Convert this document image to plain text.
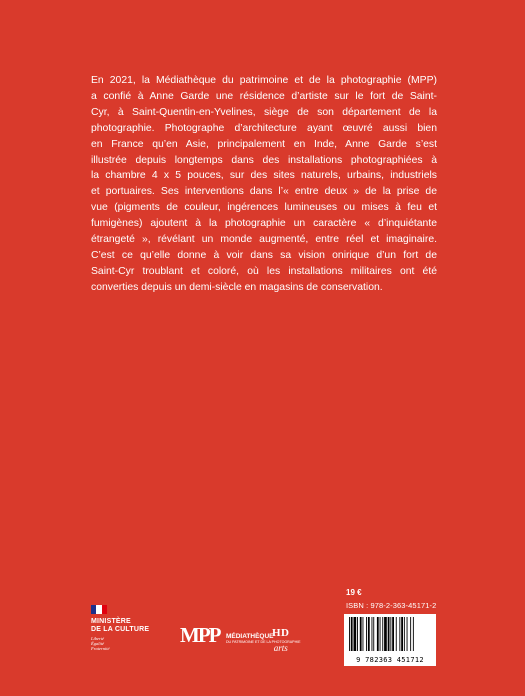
En 2021, la Médiathèque du patrimoine et de la photographie (MPP)
a confié à Anne Garde une résidence d’artiste sur le fort de Saint-
Cyr, à Saint-Quentin-en-Yvelines, siège de son département de la
photographie. Photographe d’architecture ayant œuvré aussi bien
en France qu’en Asie, principalement en Inde, Anne Garde s’est
illustrée depuis longtemps dans des installations photographiées à
la chambre 4 x 5 pouces, sur des sites naturels, urbains, industriels
et portuaires. Ses interventions dans l’« entre deux » de la prise de
vue (pigments de couleur, ingérences lumineuses ou mises à feu et
fumigènes) ajoutent à la photographie un caractère « d’inquiétante
étrangeté », révélant un monde augmenté, entre réel et imaginaire.
C’est ce qu’elle donne à voir dans sa vision onirique d’un fort de
Saint-Cyr troublant et coloré, où les installations militaires ont été
converties depuis un demi-siècle en magasins de conservation.
19 €
ISBN : 978-2-363-45171-2
9 782363 451712
MINISTÈRE
DE LA CULTURE
Liberté
Égalité
Fraternité
MPP MÉDIATHÈQUE
DU PATRIMOINE ET DE LA PHOTOGRAPHIE
HD
arts
